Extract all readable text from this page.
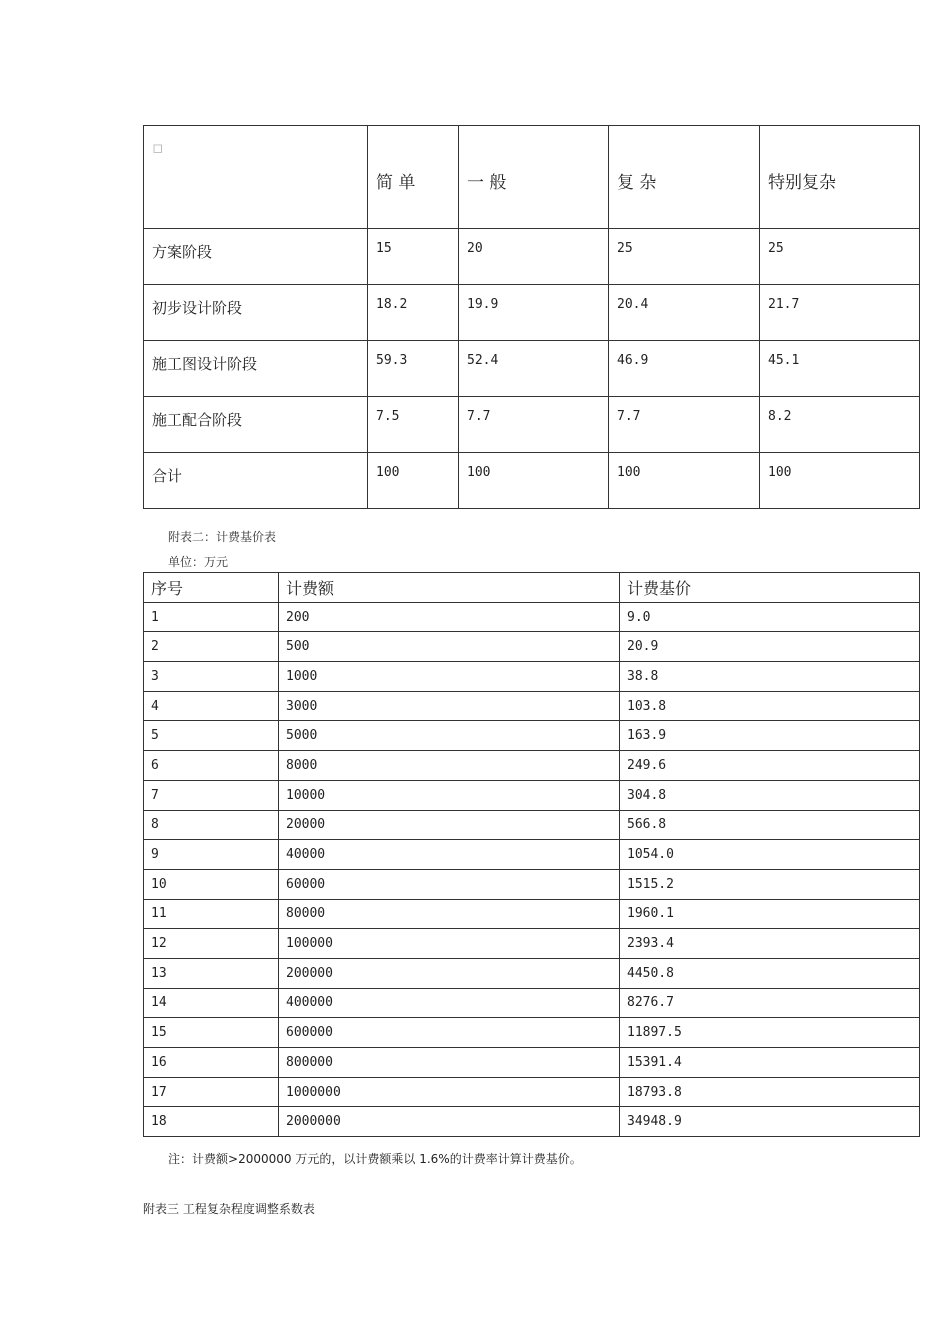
▫	简 单	一 般	复 杂	特别复杂
方案阶段	15	20	25	25
初步设计阶段	18.2	19.9	20.4	21.7
施工图设计阶段	59.3	52.4	46.9	45.1
施工配合阶段	7.5	7.7	7.7	8.2
合计	100	100	100	100
附表二：计费基价表
单位：万元
序号	计费额	计费基价
1	200	9.0
2	500	20.9
3	1000	38.8
4	3000	103.8
5	5000	163.9
6	8000	249.6
7	10000	304.8
8	20000	566.8
9	40000	1054.0
10	60000	1515.2
11	80000	1960.1
12	100000	2393.4
13	200000	4450.8
14	400000	8276.7
15	600000	11897.5
16	800000	15391.4
17	1000000	18793.8
18	2000000	34948.9
注：计费额>2000000 万元的，以计费额乘以 1.6%的计费率计算计费基价。
附表三 工程复杂程度调整系数表
